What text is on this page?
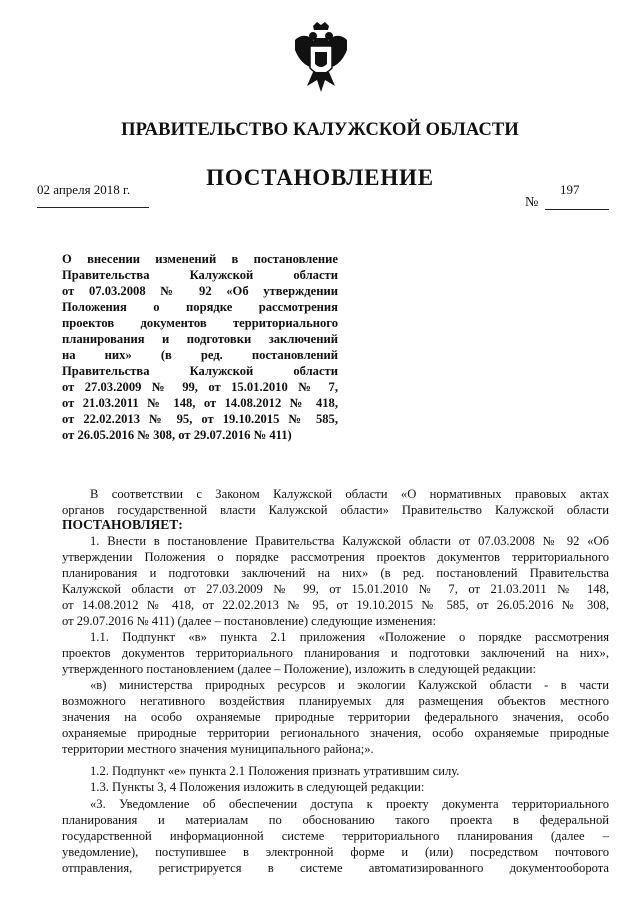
ПРАВИТЕЛЬСТВО КАЛУЖСКОЙ ОБЛАСТИ
ПОСТАНОВЛЕНИЕ
02 апреля 2018 г.
№
197
О внесении изменений в постановление
Правительства Калужской области
от 07.03.2008 № 92 «Об утверждении
Положения о порядке рассмотрения
проектов документов территориального
планирования и подготовки заключений
на них» (в ред. постановлений
Правительства Калужской области
от 27.03.2009 № 99, от 15.01.2010 № 7,
от 21.03.2011 № 148, от 14.08.2012 № 418,
от 22.02.2013 № 95, от 19.10.2015 № 585,
от 26.05.2016 № 308, от 29.07.2016 № 411)
В соответствии с Законом Калужской области «О нормативных правовых актах
органов государственной власти Калужской области» Правительство Калужской области
ПОСТАНОВЛЯЕТ:
1. Внести в постановление Правительства Калужской области от 07.03.2008 № 92 «Об
утверждении Положения о порядке рассмотрения проектов документов территориального
планирования и подготовки заключений на них» (в ред. постановлений Правительства
Калужской области от 27.03.2009 № 99, от 15.01.2010 № 7, от 21.03.2011 № 148,
от 14.08.2012 № 418, от 22.02.2013 № 95, от 19.10.2015 № 585, от 26.05.2016 № 308,
от 29.07.2016 № 411) (далее – постановление) следующие изменения:
1.1. Подпункт «в» пункта 2.1 приложения «Положение о порядке рассмотрения
проектов документов территориального планирования и подготовки заключений на них»,
утвержденного постановлением (далее – Положение), изложить в следующей редакции:
«в) министерства природных ресурсов и экологии Калужской области - в части
возможного негативного воздействия планируемых для размещения объектов местного
значения на особо охраняемые природные территории федерального значения, особо
охраняемые природные территории регионального значения, особо охраняемые природные
территории местного значения муниципального района;».
1.2. Подпункт «е» пункта 2.1 Положения признать утратившим силу.
1.3. Пункты 3, 4 Положения изложить в следующей редакции:
«3. Уведомление об обеспечении доступа к проекту документа территориального
планирования и материалам по обоснованию такого проекта в федеральной
государственной информационной системе территориального планирования (далее –
уведомление), поступившее в электронной форме и (или) посредством почтового
отправления, регистрируется в системе автоматизированного документооборота
